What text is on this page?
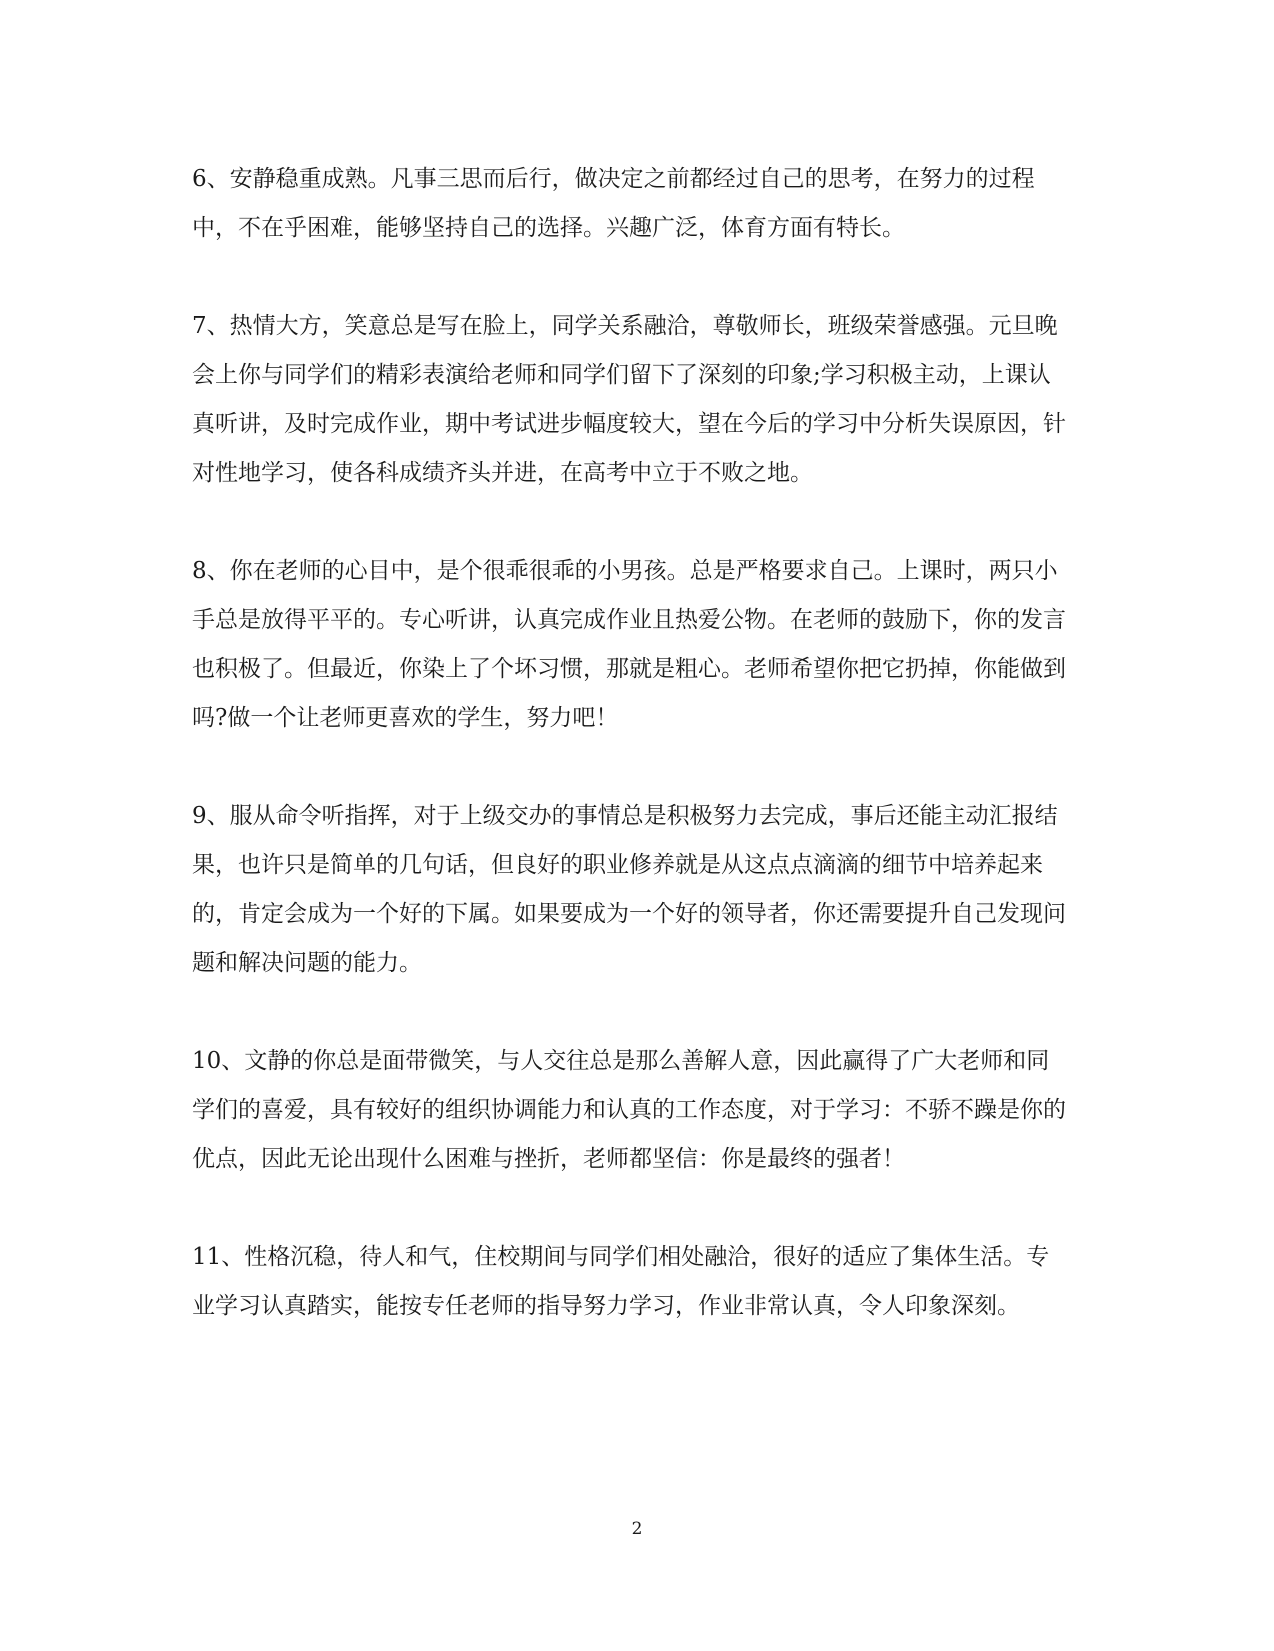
6、安静稳重成熟。凡事三思而后行，做决定之前都经过自己的思考，在努力的过程中，不在乎困难，能够坚持自己的选择。兴趣广泛，体育方面有特长。

7、热情大方，笑意总是写在脸上，同学关系融洽，尊敬师长，班级荣誉感强。元旦晚会上你与同学们的精彩表演给老师和同学们留下了深刻的印象;学习积极主动，上课认真听讲，及时完成作业，期中考试进步幅度较大，望在今后的学习中分析失误原因，针对性地学习，使各科成绩齐头并进，在高考中立于不败之地。

8、你在老师的心目中，是个很乖很乖的小男孩。总是严格要求自己。上课时，两只小手总是放得平平的。专心听讲，认真完成作业且热爱公物。在老师的鼓励下，你的发言也积极了。但最近，你染上了个坏习惯，那就是粗心。老师希望你把它扔掉，你能做到吗?做一个让老师更喜欢的学生，努力吧！

9、服从命令听指挥，对于上级交办的事情总是积极努力去完成，事后还能主动汇报结果，也许只是简单的几句话，但良好的职业修养就是从这点点滴滴的细节中培养起来的，肯定会成为一个好的下属。如果要成为一个好的领导者，你还需要提升自己发现问题和解决问题的能力。

10、文静的你总是面带微笑，与人交往总是那么善解人意，因此赢得了广大老师和同学们的喜爱，具有较好的组织协调能力和认真的工作态度，对于学习：不骄不躁是你的优点，因此无论出现什么困难与挫折，老师都坚信：你是最终的强者！

11、性格沉稳，待人和气，住校期间与同学们相处融洽，很好的适应了集体生活。专业学习认真踏实，能按专任老师的指导努力学习，作业非常认真，令人印象深刻。

2
